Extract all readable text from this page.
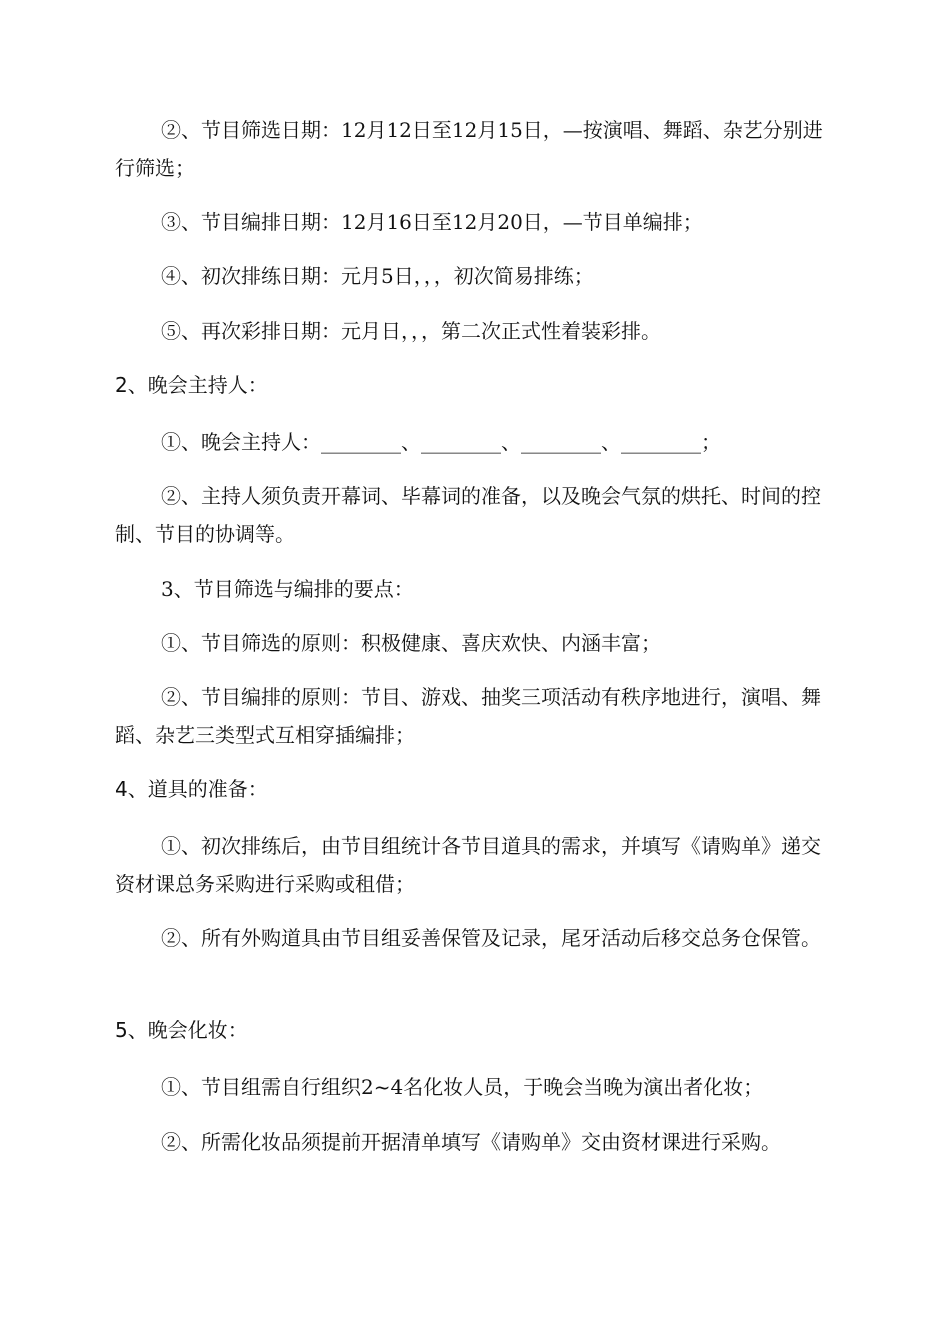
②、节目筛选日期：12月12日至12月15日，—按演唱、舞蹈、杂艺分别进行筛选；

③、节目编排日期：12月16日至12月20日，—节目单编排；

④、初次排练日期：元月5日，，，初次简易排练；

⑤、再次彩排日期：元月日，，，第二次正式性着装彩排。

2、晚会主持人：

①、晚会主持人：________、________、________、________；

②、主持人须负责开幕词、毕幕词的准备，以及晚会气氛的烘托、时间的控制、节目的协调等。

3、节目筛选与编排的要点：

①、节目筛选的原则：积极健康、喜庆欢快、内涵丰富；

②、节目编排的原则：节目、游戏、抽奖三项活动有秩序地进行，演唱、舞蹈、杂艺三类型式互相穿插编排；

4、道具的准备：

①、初次排练后，由节目组统计各节目道具的需求，并填写《请购单》递交资材课总务采购进行采购或租借；

②、所有外购道具由节目组妥善保管及记录，尾牙活动后移交总务仓保管。

5、晚会化妆：

①、节目组需自行组织2~4名化妆人员，于晚会当晚为演出者化妆；

②、所需化妆品须提前开据清单填写《请购单》交由资材课进行采购。
